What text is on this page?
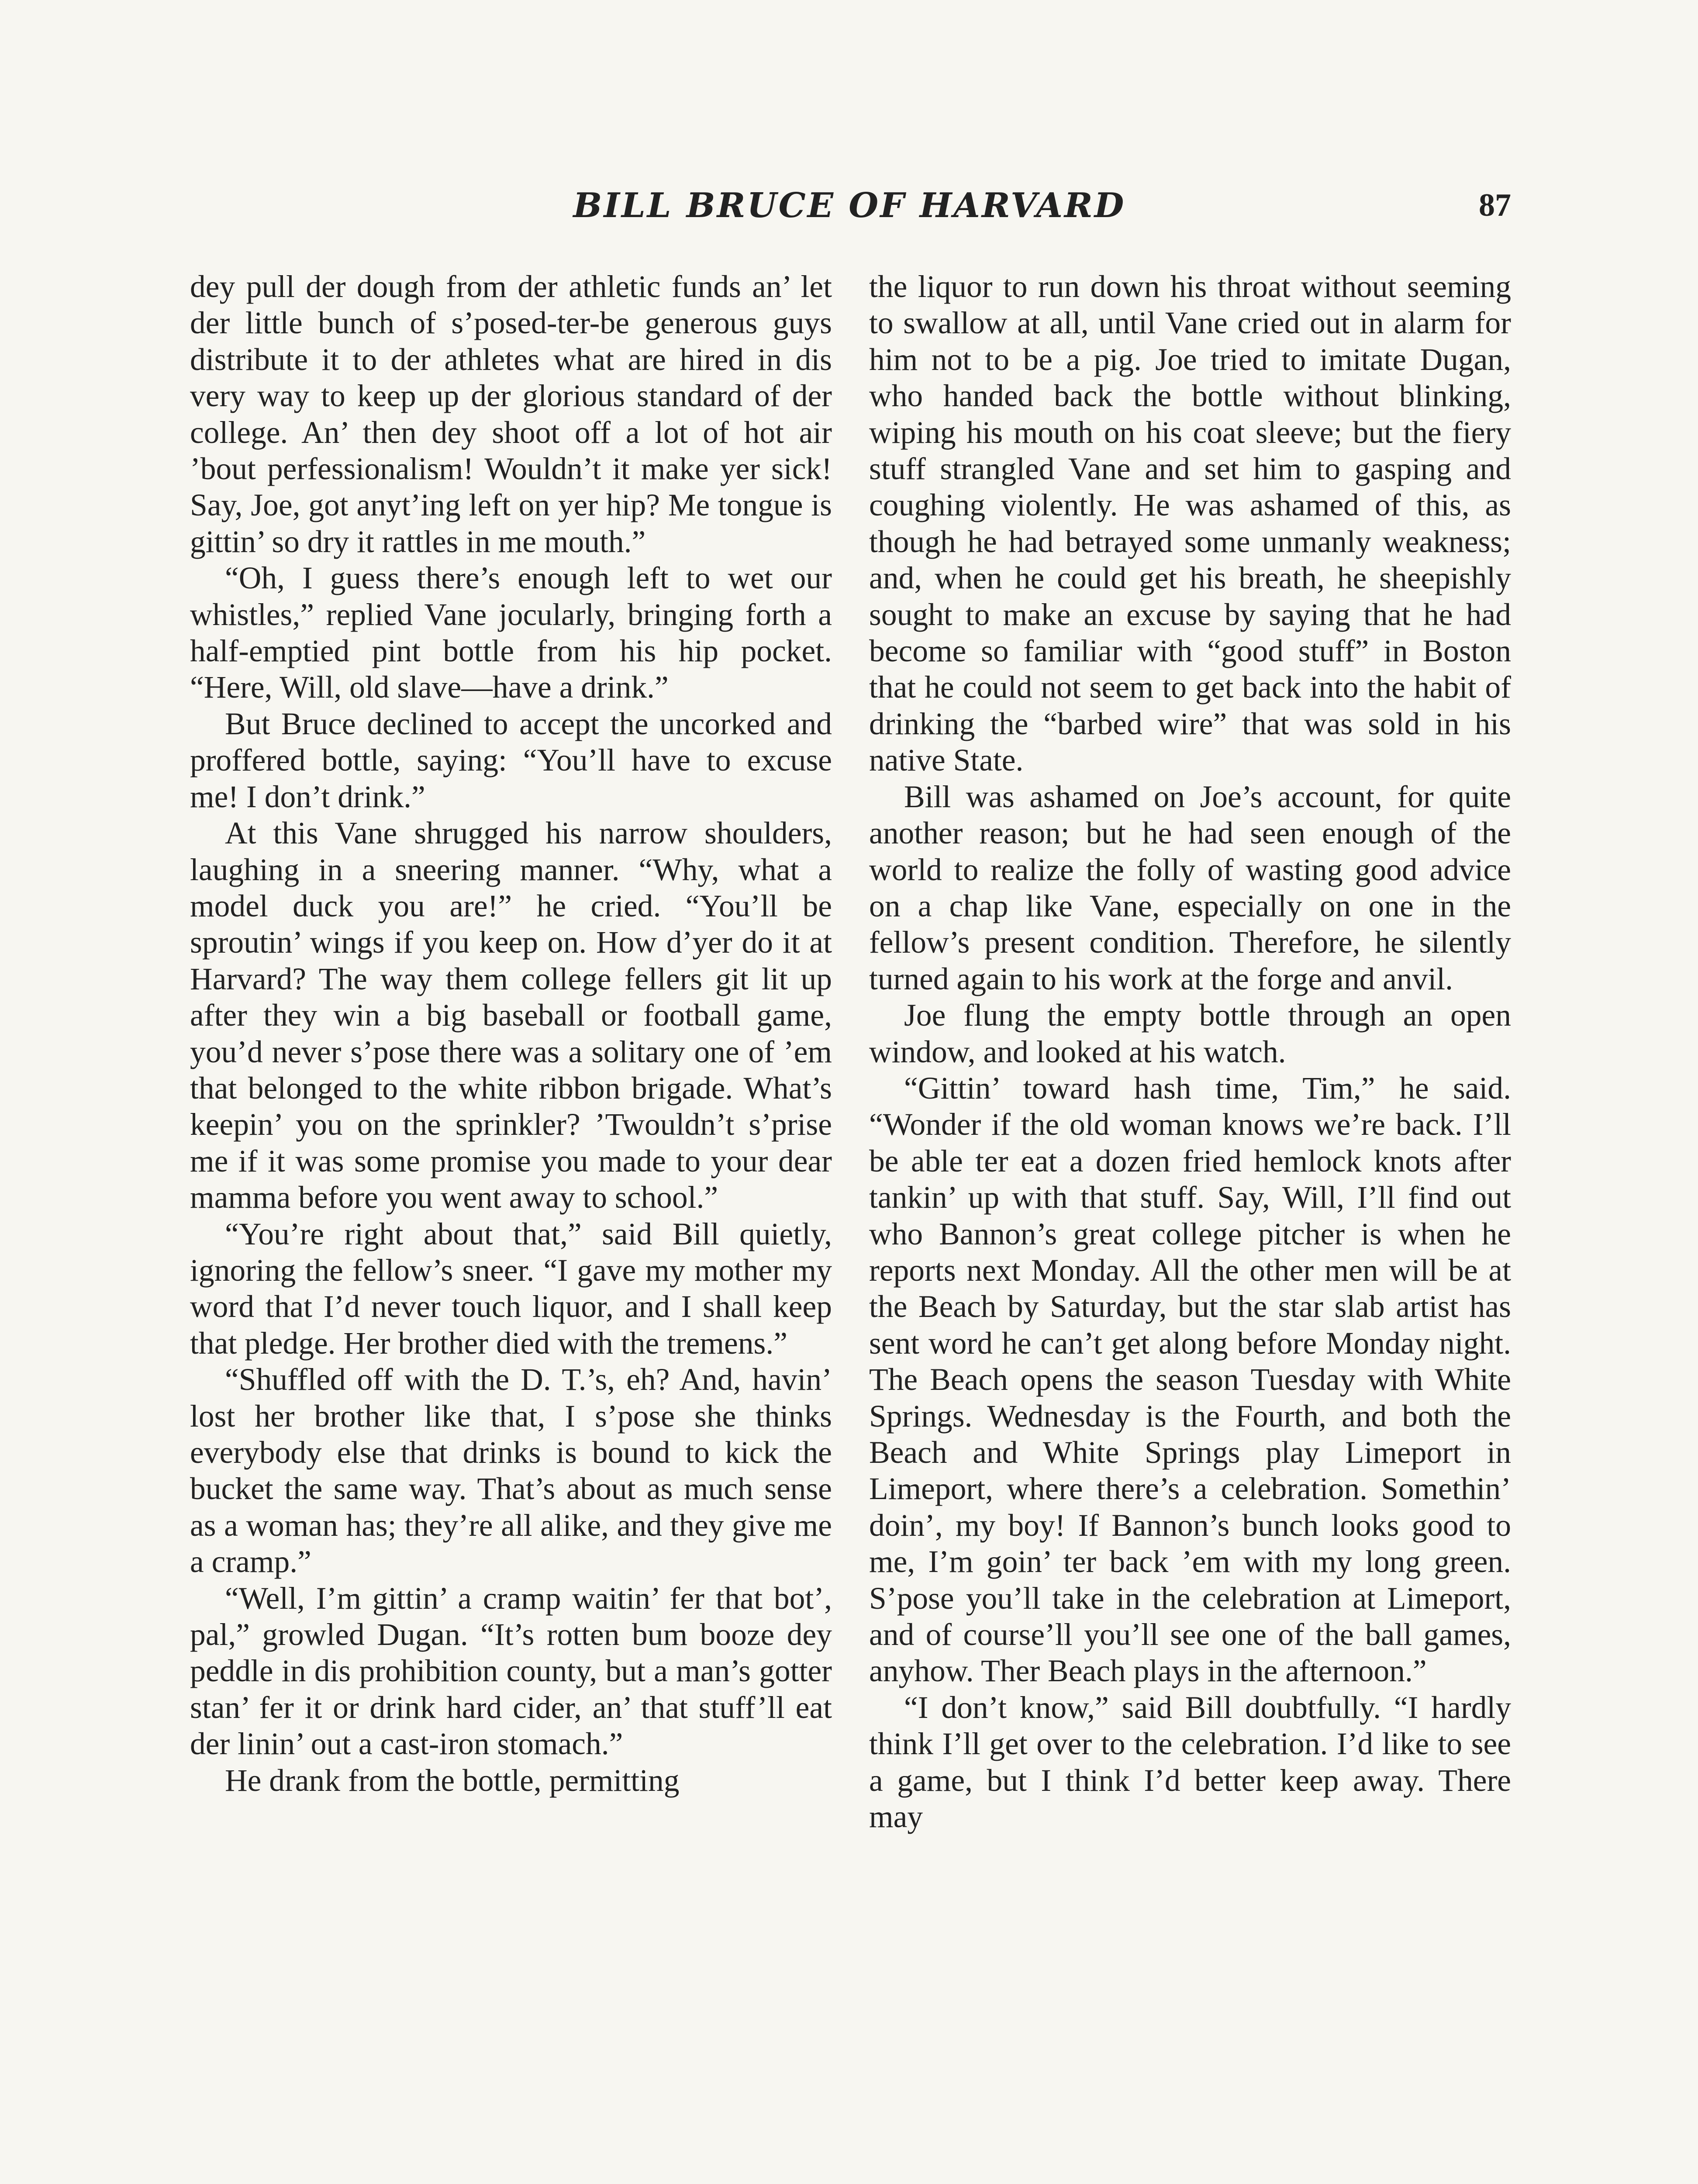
BILL BRUCE OF HARVARD	87

dey pull der dough from der athletic funds an’ let der little bunch of s’posed-ter-be generous guys distribute it to der athletes what are hired in dis very way to keep up der glorious standard of der college. An’ then dey shoot off a lot of hot air ’bout perfessionalism! Wouldn’t it make yer sick! Say, Joe, got anyt’ing left on yer hip? Me tongue is gittin’ so dry it rattles in me mouth.”

“Oh, I guess there’s enough left to wet our whistles,” replied Vane jocularly, bringing forth a half-emptied pint bottle from his hip pocket. “Here, Will, old slave—have a drink.”

But Bruce declined to accept the uncorked and proffered bottle, saying: “You’ll have to excuse me! I don’t drink.”

At this Vane shrugged his narrow shoulders, laughing in a sneering manner. “Why, what a model duck you are!” he cried. “You’ll be sproutin’ wings if you keep on. How d’yer do it at Harvard? The way them college fellers git lit up after they win a big baseball or football game, you’d never s’pose there was a solitary one of ’em that belonged to the white ribbon brigade. What’s keepin’ you on the sprinkler? ’Twouldn’t s’prise me if it was some promise you made to your dear mamma before you went away to school.”

“You’re right about that,” said Bill quietly, ignoring the fellow’s sneer. “I gave my mother my word that I’d never touch liquor, and I shall keep that pledge. Her brother died with the tremens.”

“Shuffled off with the D. T.’s, eh? And, havin’ lost her brother like that, I s’pose she thinks everybody else that drinks is bound to kick the bucket the same way. That’s about as much sense as a woman has; they’re all alike, and they give me a cramp.”

“Well, I’m gittin’ a cramp waitin’ fer that bot’, pal,” growled Dugan. “It’s rotten bum booze dey peddle in dis prohibition county, but a man’s gotter stan’ fer it or drink hard cider, an’ that stuff’ll eat der linin’ out a cast-iron stomach.”

He drank from the bottle, permitting

the liquor to run down his throat without seeming to swallow at all, until Vane cried out in alarm for him not to be a pig. Joe tried to imitate Dugan, who handed back the bottle without blinking, wiping his mouth on his coat sleeve; but the fiery stuff strangled Vane and set him to gasping and coughing violently. He was ashamed of this, as though he had betrayed some unmanly weakness; and, when he could get his breath, he sheepishly sought to make an excuse by saying that he had become so familiar with “good stuff” in Boston that he could not seem to get back into the habit of drinking the “barbed wire” that was sold in his native State.

Bill was ashamed on Joe’s account, for quite another reason; but he had seen enough of the world to realize the folly of wasting good advice on a chap like Vane, especially on one in the fellow’s present condition. Therefore, he silently turned again to his work at the forge and anvil.

Joe flung the empty bottle through an open window, and looked at his watch.

“Gittin’ toward hash time, Tim,” he said. “Wonder if the old woman knows we’re back. I’ll be able ter eat a dozen fried hemlock knots after tankin’ up with that stuff. Say, Will, I’ll find out who Bannon’s great college pitcher is when he reports next Monday. All the other men will be at the Beach by Saturday, but the star slab artist has sent word he can’t get along before Monday night. The Beach opens the season Tuesday with White Springs. Wednesday is the Fourth, and both the Beach and White Springs play Limeport in Limeport, where there’s a celebration. Somethin’ doin’, my boy! If Bannon’s bunch looks good to me, I’m goin’ ter back ’em with my long green. S’pose you’ll take in the celebration at Limeport, and of course’ll you’ll see one of the ball games, anyhow. Ther Beach plays in the afternoon.”

“I don’t know,” said Bill doubtfully. “I hardly think I’ll get over to the celebration. I’d like to see a game, but I think I’d better keep away. There may
